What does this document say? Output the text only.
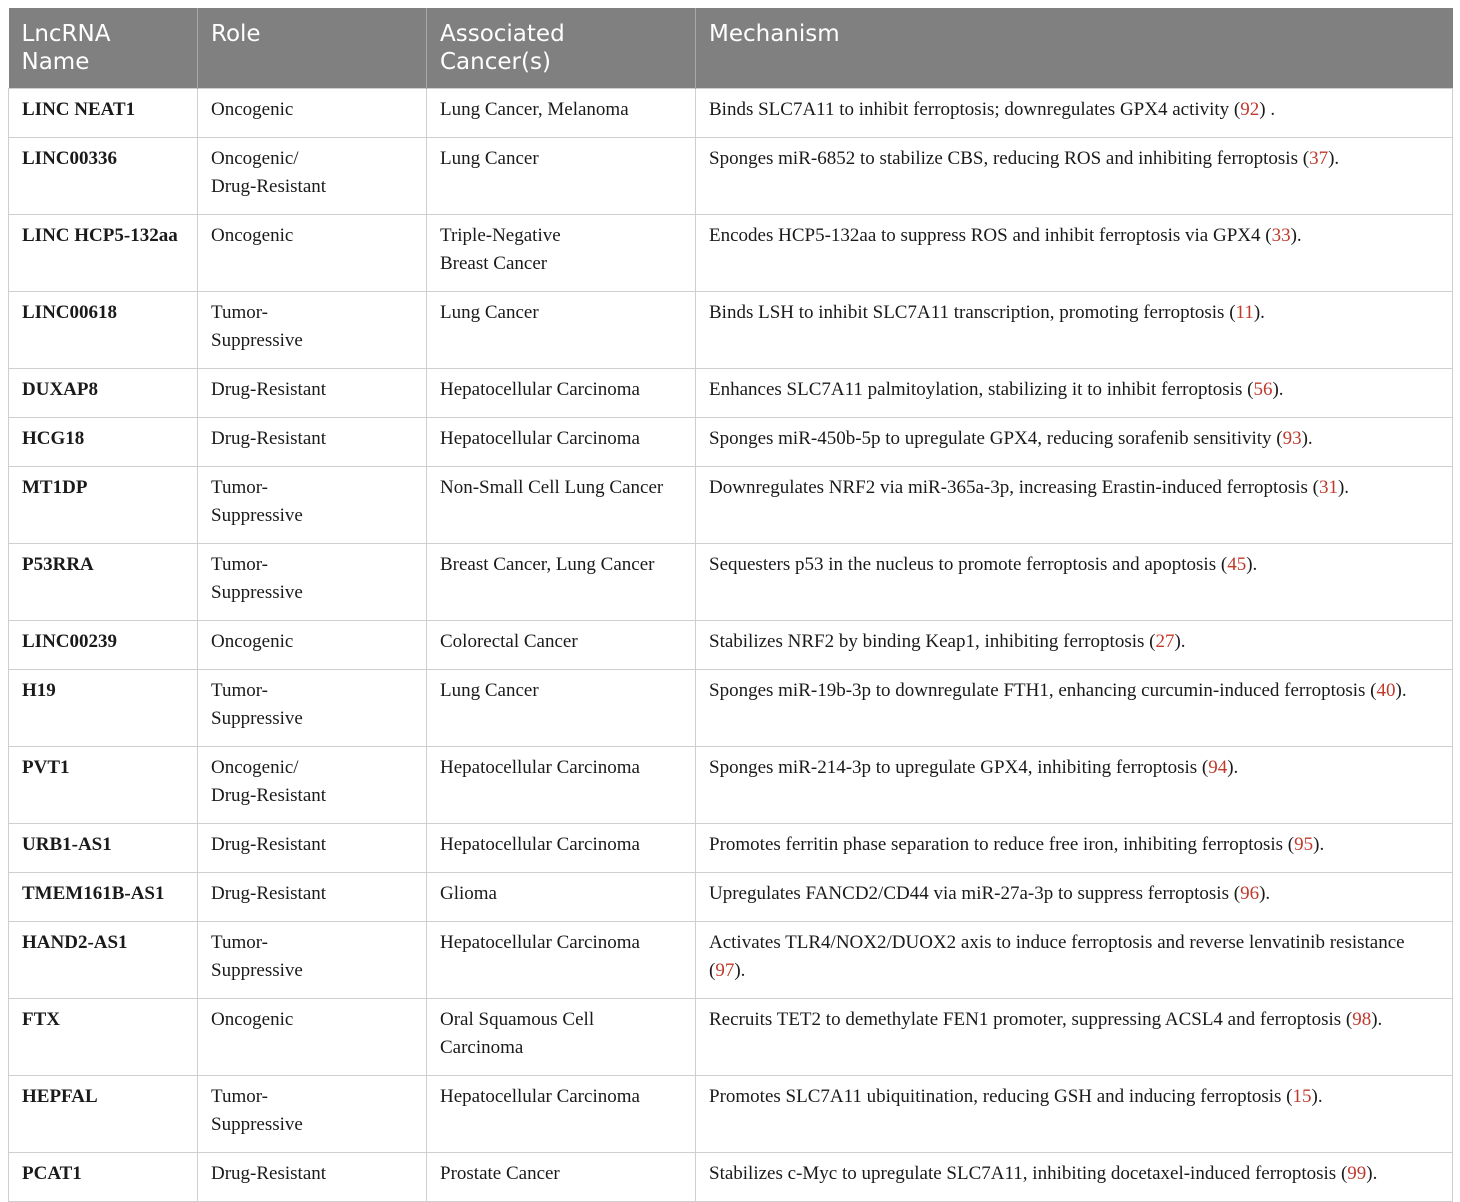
LncRNA Name	Role	Associated Cancer(s)	Mechanism
LINC NEAT1	Oncogenic	Lung Cancer, Melanoma	Binds SLC7A11 to inhibit ferroptosis; downregulates GPX4 activity (92) .
LINC00336	Oncogenic/ Drug-Resistant	Lung Cancer	Sponges miR-6852 to stabilize CBS, reducing ROS and inhibiting ferroptosis (37).
LINC HCP5-132aa	Oncogenic	Triple-Negative Breast Cancer	Encodes HCP5-132aa to suppress ROS and inhibit ferroptosis via GPX4 (33).
LINC00618	Tumor-Suppressive	Lung Cancer	Binds LSH to inhibit SLC7A11 transcription, promoting ferroptosis (11).
DUXAP8	Drug-Resistant	Hepatocellular Carcinoma	Enhances SLC7A11 palmitoylation, stabilizing it to inhibit ferroptosis (56).
HCG18	Drug-Resistant	Hepatocellular Carcinoma	Sponges miR-450b-5p to upregulate GPX4, reducing sorafenib sensitivity (93).
MT1DP	Tumor-Suppressive	Non-Small Cell Lung Cancer	Downregulates NRF2 via miR-365a-3p, increasing Erastin-induced ferroptosis (31).
P53RRA	Tumor-Suppressive	Breast Cancer, Lung Cancer	Sequesters p53 in the nucleus to promote ferroptosis and apoptosis (45).
LINC00239	Oncogenic	Colorectal Cancer	Stabilizes NRF2 by binding Keap1, inhibiting ferroptosis (27).
H19	Tumor-Suppressive	Lung Cancer	Sponges miR-19b-3p to downregulate FTH1, enhancing curcumin-induced ferroptosis (40).
PVT1	Oncogenic/ Drug-Resistant	Hepatocellular Carcinoma	Sponges miR-214-3p to upregulate GPX4, inhibiting ferroptosis (94).
URB1-AS1	Drug-Resistant	Hepatocellular Carcinoma	Promotes ferritin phase separation to reduce free iron, inhibiting ferroptosis (95).
TMEM161B-AS1	Drug-Resistant	Glioma	Upregulates FANCD2/CD44 via miR-27a-3p to suppress ferroptosis (96).
HAND2-AS1	Tumor-Suppressive	Hepatocellular Carcinoma	Activates TLR4/NOX2/DUOX2 axis to induce ferroptosis and reverse lenvatinib resistance (97).
FTX	Oncogenic	Oral Squamous Cell Carcinoma	Recruits TET2 to demethylate FEN1 promoter, suppressing ACSL4 and ferroptosis (98).
HEPFAL	Tumor-Suppressive	Hepatocellular Carcinoma	Promotes SLC7A11 ubiquitination, reducing GSH and inducing ferroptosis (15).
PCAT1	Drug-Resistant	Prostate Cancer	Stabilizes c-Myc to upregulate SLC7A11, inhibiting docetaxel-induced ferroptosis (99).
